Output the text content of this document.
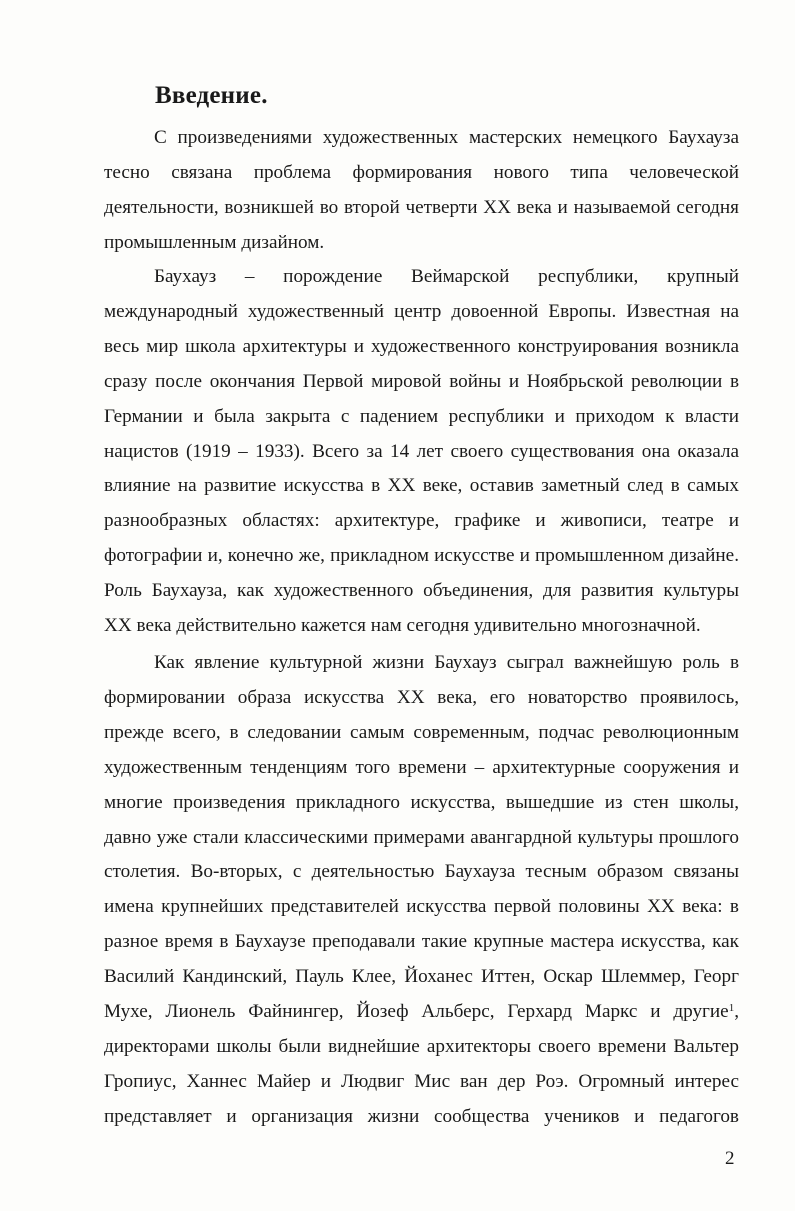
Введение.
С произведениями художественных мастерских немецкого Баухауза
тесно связана проблема формирования нового типа человеческой
деятельности, возникшей во второй четверти XX века и называемой сегодня
промышленным дизайном.
Баухауз – порождение Веймарской республики, крупный
международный художественный центр довоенной Европы. Известная на
весь мир школа архитектуры и художественного конструирования возникла
сразу после окончания Первой мировой войны и Ноябрьской революции в
Германии и была закрыта с падением республики и приходом к власти
нацистов (1919 – 1933). Всего за 14 лет своего существования она оказала
влияние на развитие искусства в XX веке, оставив заметный след в самых
разнообразных областях: архитектуре, графике и живописи, театре и
фотографии и, конечно же, прикладном искусстве и промышленном дизайне.
Роль Баухауза, как художественного объединения, для развития культуры
XX века действительно кажется нам сегодня удивительно многозначной.
Как явление культурной жизни Баухауз сыграл важнейшую роль в
формировании образа искусства XX века, его новаторство проявилось,
прежде всего, в следовании самым современным, подчас революционным
художественным тенденциям того времени – архитектурные сооружения и
многие произведения прикладного искусства, вышедшие из стен школы,
давно уже стали классическими примерами авангардной культуры прошлого
столетия. Во-вторых, с деятельностью Баухауза тесным образом связаны
имена крупнейших представителей искусства первой половины XX века: в
разное время в Баухаузе преподавали такие крупные мастера искусства, как
Василий Кандинский, Пауль Клее, Йоханес Иттен, Оскар Шлеммер, Георг
Мухе, Лионель Файнингер, Йозеф Альберс, Герхард Маркс и другие$^1$,
директорами школы были виднейшие архитекторы своего времени Вальтер
Гропиус, Ханнес Майер и Людвиг Мис ван дер Роэ. Огромный интерес
представляет и организация жизни сообщества учеников и педагогов
2
